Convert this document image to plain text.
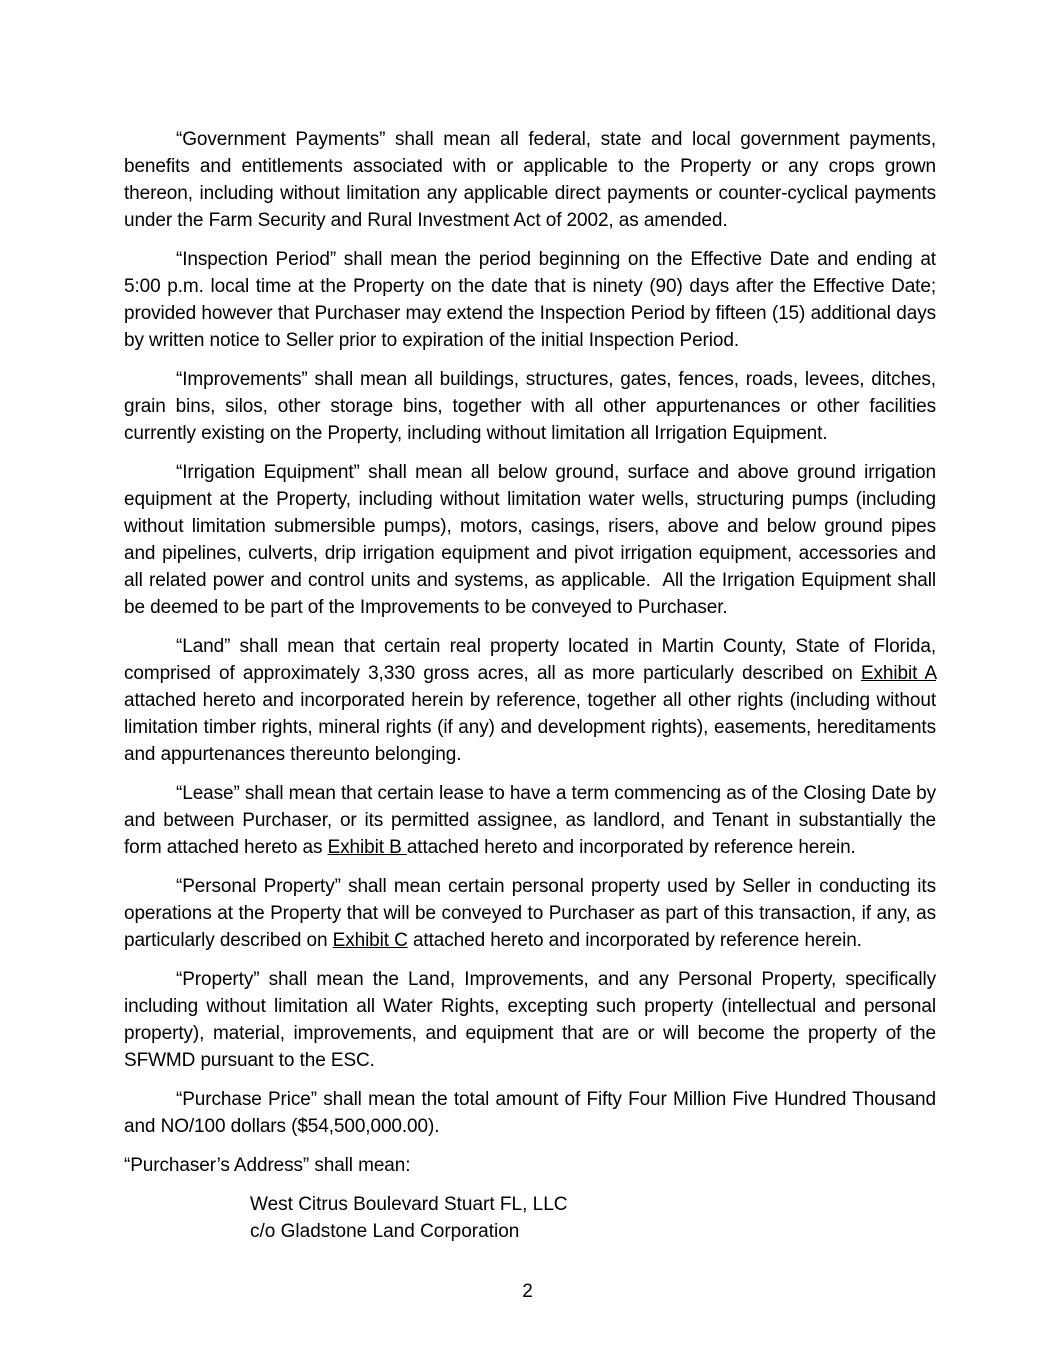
“Government Payments” shall mean all federal, state and local government payments, benefits and entitlements associated with or applicable to the Property or any crops grown thereon, including without limitation any applicable direct payments or counter-cyclical payments under the Farm Security and Rural Investment Act of 2002, as amended.

“Inspection Period” shall mean the period beginning on the Effective Date and ending at 5:00 p.m. local time at the Property on the date that is ninety (90) days after the Effective Date; provided however that Purchaser may extend the Inspection Period by fifteen (15) additional days by written notice to Seller prior to expiration of the initial Inspection Period.

“Improvements” shall mean all buildings, structures, gates, fences, roads, levees, ditches, grain bins, silos, other storage bins, together with all other appurtenances or other facilities currently existing on the Property, including without limitation all Irrigation Equipment.

“Irrigation Equipment” shall mean all below ground, surface and above ground irrigation equipment at the Property, including without limitation water wells, structuring pumps (including without limitation submersible pumps), motors, casings, risers, above and below ground pipes and pipelines, culverts, drip irrigation equipment and pivot irrigation equipment, accessories and all related power and control units and systems, as applicable.  All the Irrigation Equipment shall be deemed to be part of the Improvements to be conveyed to Purchaser.

“Land” shall mean that certain real property located in Martin County, State of Florida, comprised of approximately 3,330 gross acres, all as more particularly described on Exhibit A attached hereto and incorporated herein by reference, together all other rights (including without limitation timber rights, mineral rights (if any) and development rights), easements, hereditaments and appurtenances thereunto belonging.

“Lease” shall mean that certain lease to have a term commencing as of the Closing Date by and between Purchaser, or its permitted assignee, as landlord, and Tenant in substantially the form attached hereto as Exhibit B attached hereto and incorporated by reference herein.

“Personal Property” shall mean certain personal property used by Seller in conducting its operations at the Property that will be conveyed to Purchaser as part of this transaction, if any, as particularly described on Exhibit C attached hereto and incorporated by reference herein.

“Property” shall mean the Land, Improvements, and any Personal Property, specifically including without limitation all Water Rights, excepting such property (intellectual and personal property), material, improvements, and equipment that are or will become the property of the SFWMD pursuant to the ESC.

“Purchase Price” shall mean the total amount of Fifty Four Million Five Hundred Thousand and NO/100 dollars ($54,500,000.00).

“Purchaser’s Address” shall mean:

West Citrus Boulevard Stuart FL, LLC
c/o Gladstone Land Corporation
2
